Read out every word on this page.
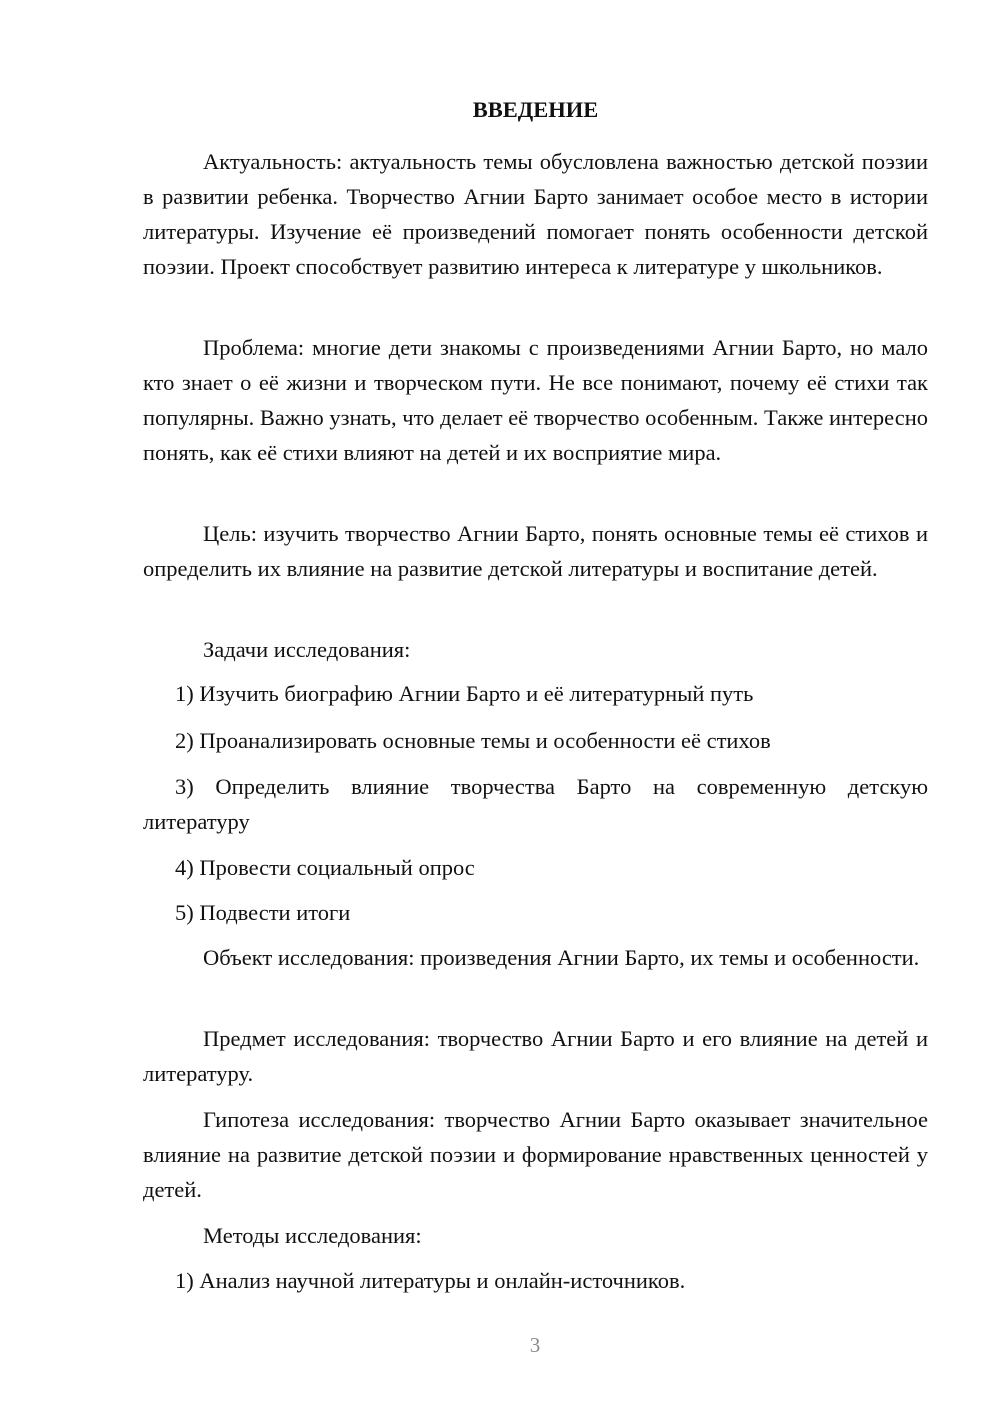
ВВЕДЕНИЕ

Актуальность: актуальность темы обусловлена важностью детской поэзии в развитии ребенка. Творчество Агнии Барто занимает особое место в истории литературы. Изучение её произведений помогает понять особенности детской поэзии. Проект способствует развитию интереса к литературе у школьников.

Проблема: многие дети знакомы с произведениями Агнии Барто, но мало кто знает о её жизни и творческом пути. Не все понимают, почему её стихи так популярны. Важно узнать, что делает её творчество особенным. Также интересно понять, как её стихи влияют на детей и их восприятие мира.

Цель: изучить творчество Агнии Барто, понять основные темы её стихов и определить их влияние на развитие детской литературы и воспитание детей.

Задачи исследования:

1) Изучить биографию Агнии Барто и её литературный путь

2) Проанализировать основные темы и особенности её стихов

3) Определить влияние творчества Барто на современную детскую литературу

4) Провести социальный опрос

5) Подвести итоги

Объект исследования: произведения Агнии Барто, их темы и особенности.

Предмет исследования: творчество Агнии Барто и его влияние на детей и литературу.

Гипотеза исследования: творчество Агнии Барто оказывает значительное влияние на развитие детской поэзии и формирование нравственных ценностей у детей.

Методы исследования:

1) Анализ научной литературы и онлайн-источников.

3
